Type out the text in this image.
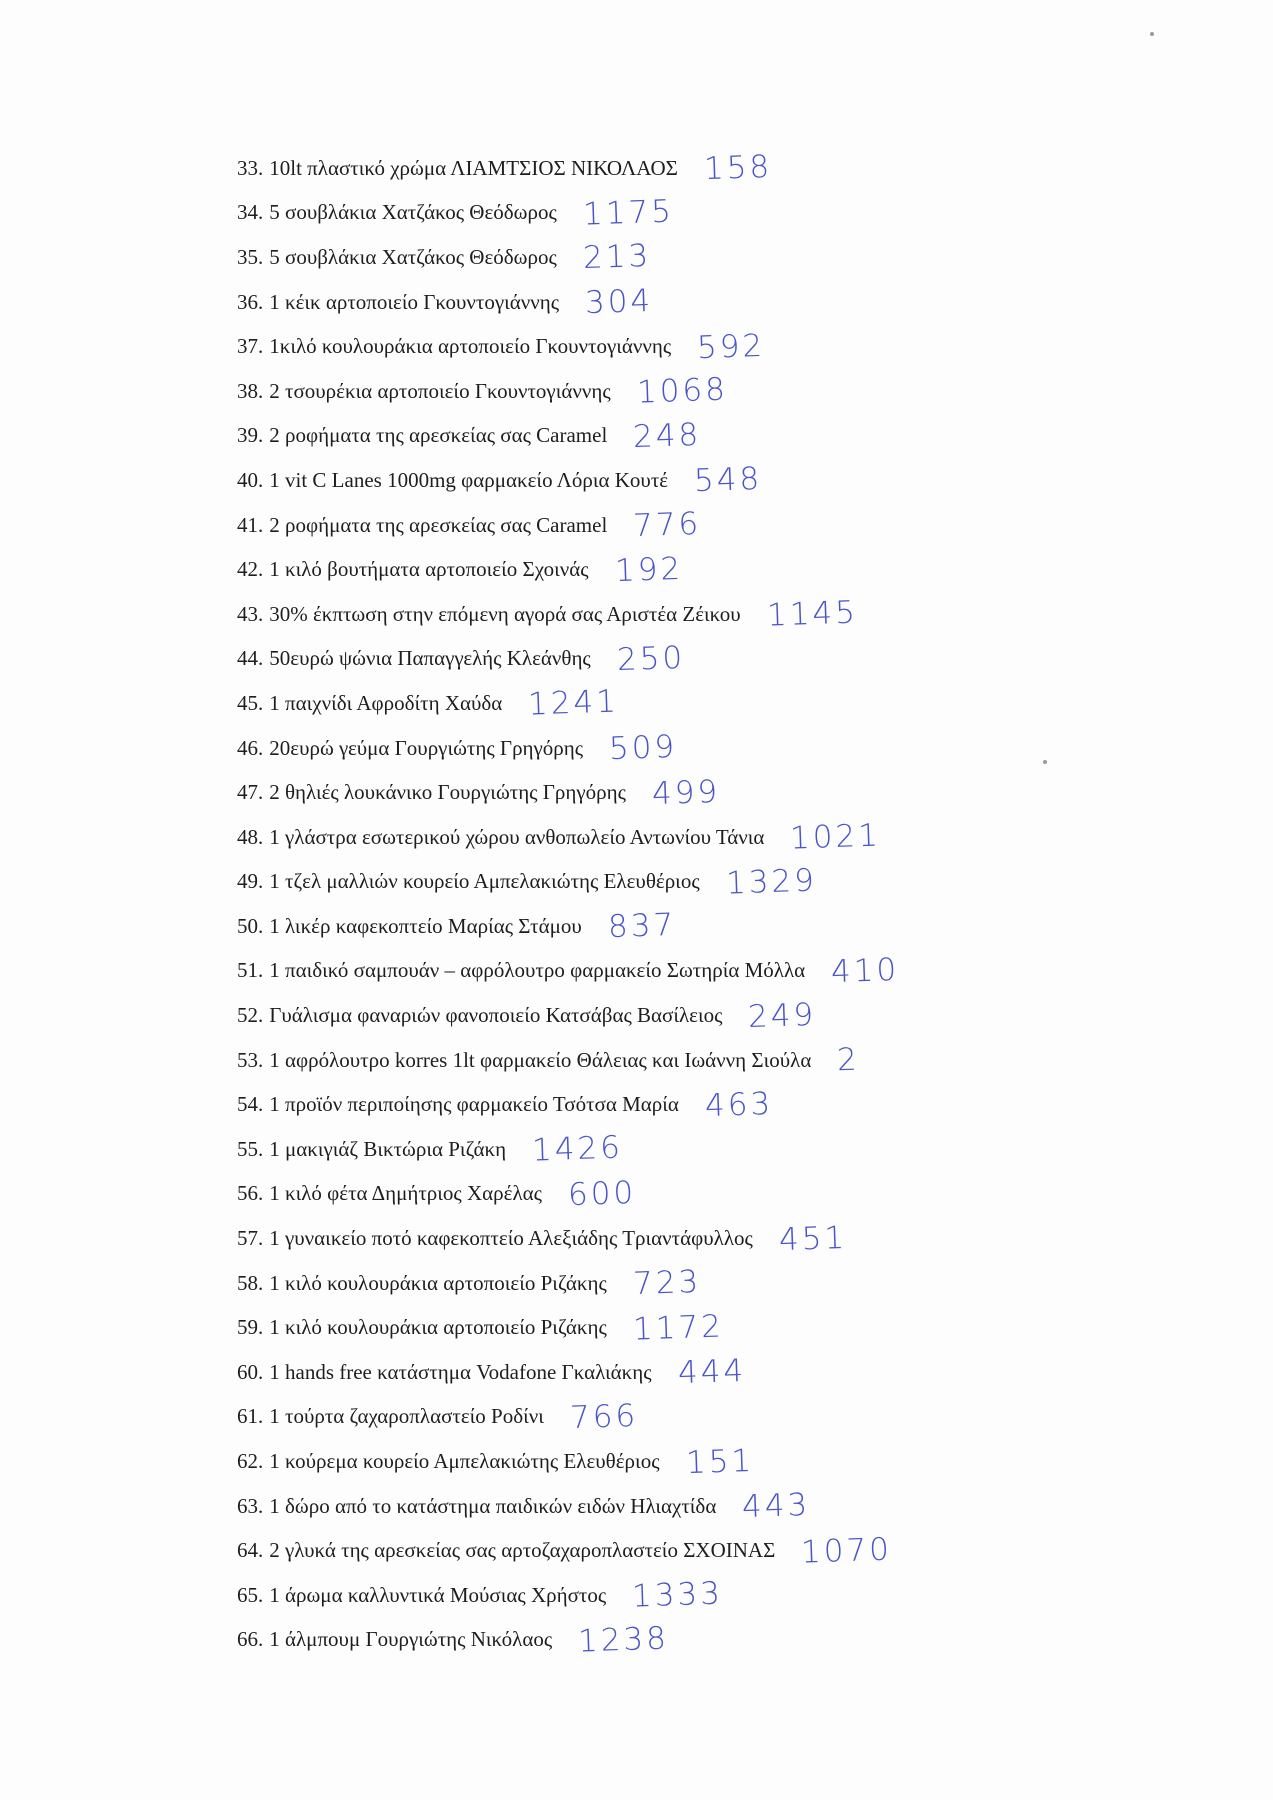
33. 10lt πλαστικό χρώμα ΛΙΑΜΤΣΙΟΣ ΝΙΚΟΛΑΟΣ 158
34. 5 σουβλάκια Χατζάκος Θεόδωρος 1175
35. 5 σουβλάκια Χατζάκος Θεόδωρος 213
36. 1 κέικ αρτοποιείο Γκουντογιάννης 304
37. 1κιλό κουλουράκια αρτοποιείο Γκουντογιάννης 592
38. 2 τσουρέκια αρτοποιείο Γκουντογιάννης 1068
39. 2 ροφήματα της αρεσκείας σας Caramel 248
40. 1 vit C Lanes 1000mg φαρμακείο Λόρια Κουτέ 548
41. 2 ροφήματα της αρεσκείας σας Caramel 776
42. 1 κιλό βουτήματα αρτοποιείο Σχοινάς 192
43. 30% έκπτωση στην επόμενη αγορά σας Αριστέα Ζέικου 1145
44. 50ευρώ ψώνια Παπαγγελής Κλεάνθης 250
45. 1 παιχνίδι Αφροδίτη Χαύδα 1241
46. 20ευρώ γεύμα Γουργιώτης Γρηγόρης 509
47. 2 θηλιές λουκάνικο Γουργιώτης Γρηγόρης 499
48. 1 γλάστρα εσωτερικού χώρου ανθοπωλείο Αντωνίου Τάνια 1021
49. 1 τζελ μαλλιών κουρείο Αμπελακιώτης Ελευθέριος 1329
50. 1 λικέρ καφεκοπτείο Μαρίας Στάμου 837
51. 1 παιδικό σαμπουάν – αφρόλουτρο φαρμακείο Σωτηρία Μόλλα 410
52. Γυάλισμα φαναριών φανοποιείο Κατσάβας Βασίλειος 249
53. 1 αφρόλουτρο korres 1lt φαρμακείο Θάλειας και Ιωάννη Σιούλα 2
54. 1 προϊόν περιποίησης φαρμακείο Τσότσα Μαρία 463
55. 1 μακιγιάζ Βικτώρια Ριζάκη 1426
56. 1 κιλό φέτα Δημήτριος Χαρέλας 600
57. 1 γυναικείο ποτό καφεκοπτείο Αλεξιάδης Τριαντάφυλλος 451
58. 1 κιλό κουλουράκια αρτοποιείο Ριζάκης 723
59. 1 κιλό κουλουράκια αρτοποιείο Ριζάκης 1172
60. 1 hands free κατάστημα Vodafone Γκαλιάκης 444
61. 1 τούρτα ζαχαροπλαστείο Ροδίνι 766
62. 1 κούρεμα κουρείο Αμπελακιώτης Ελευθέριος 151
63. 1 δώρο από το κατάστημα παιδικών ειδών Ηλιαχτίδα 443
64. 2 γλυκά της αρεσκείας σας αρτοζαχαροπλαστείο ΣΧΟΙΝΑΣ 1070
65. 1 άρωμα καλλυντικά Μούσιας Χρήστος 1333
66. 1 άλμπουμ Γουργιώτης Νικόλαος 1238
